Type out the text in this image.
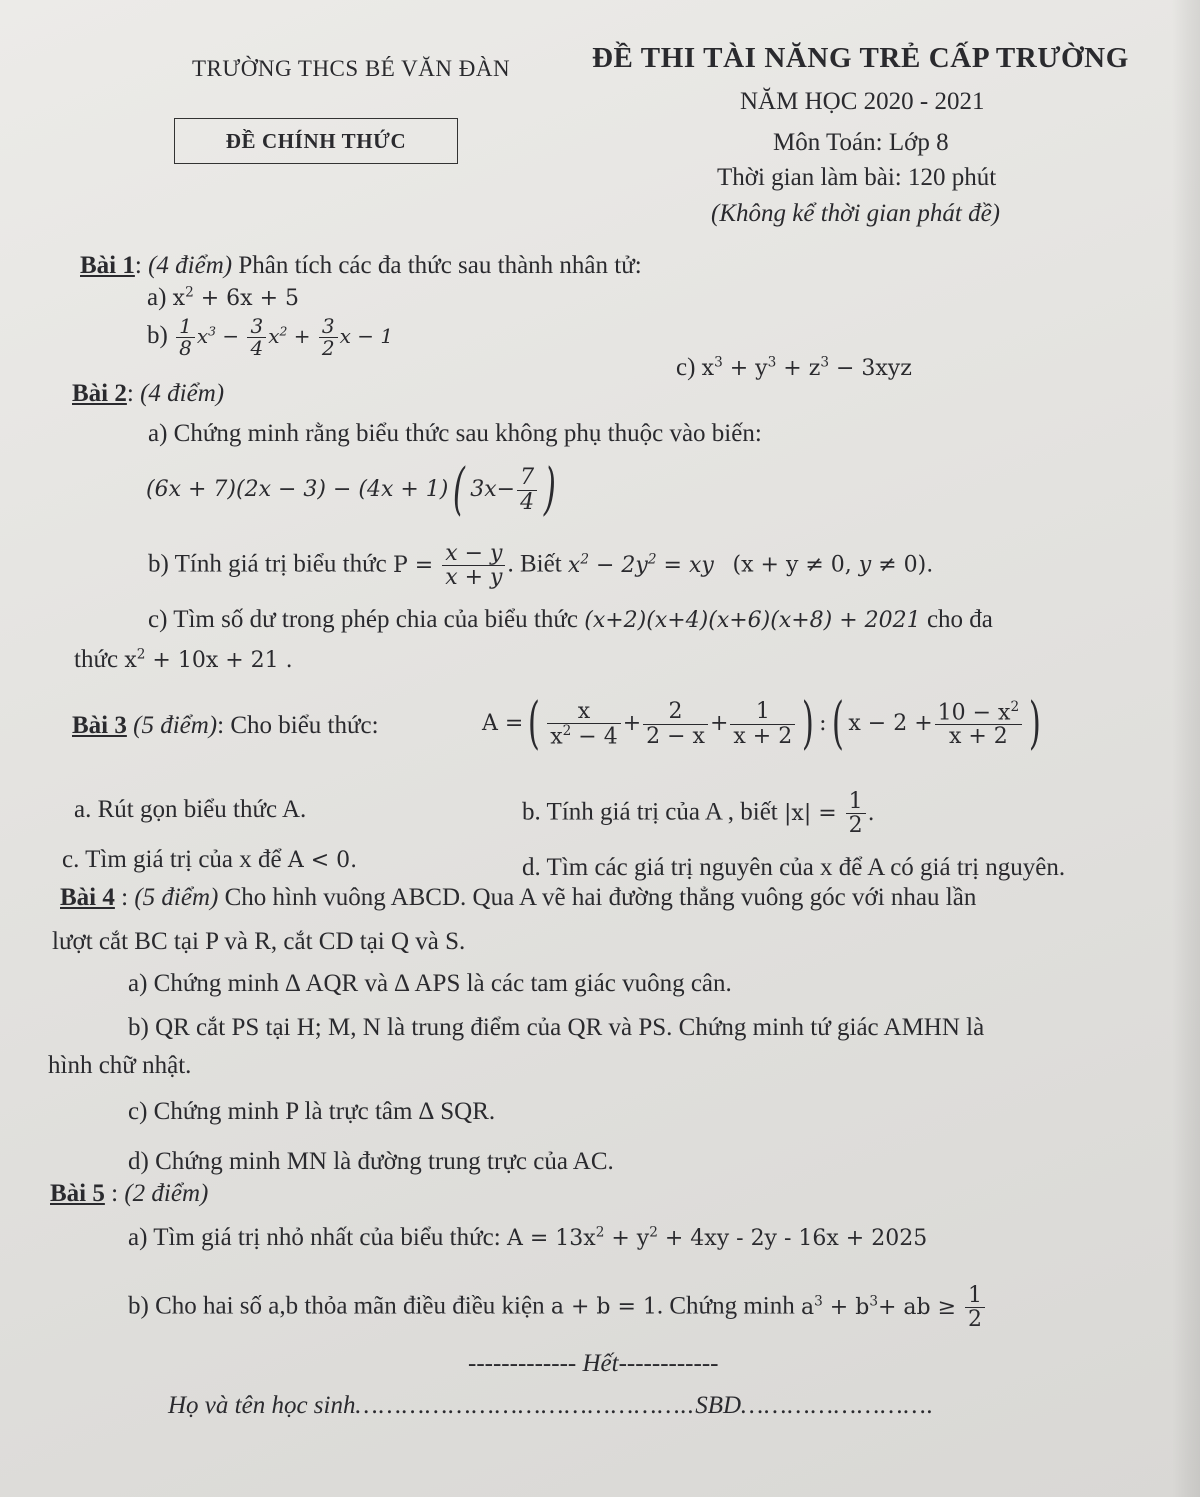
TRƯỜNG THCS BÉ VĂN ĐÀN	ĐỀ THI TÀI NĂNG TRẺ CẤP TRƯỜNG
NĂM HỌC 2020 - 2021
ĐỀ CHÍNH THỨC	Môn Toán: Lớp 8
Thời gian làm bài: 120 phút
(Không kể thời gian phát đề)
Bài 1: (4 điểm) Phân tích các đa thức sau thành nhân tử:
a) $x^2 + 6x + 5$
$b) \frac{1}{8} x^3 - \frac{3}{4} x^2 + \frac{3}{2}$ x − 1
c) $x^3 + y^3 + z^3 - 3xyz$
Bài 2: (4 điểm)
a) Chứng minh rằng biểu thức sau không phụ thuộc vào biến:
(6x + 7)(2x − 3) − (4x + 1)( $3x- \frac{7}{4}$ )
b) Tính giá trị biểu thức $P = \frac{x - y}{x + y}$ . Biết $x^2 - 2y^2$ = xy (x + y ≠ 0, y ≠ 0).
c) Tìm số dư trong phép chia của biểu thức (x+2)(x+4)(x+6)(x+8) + 2021 cho đa
thức $x^2 + 10x + 21$ .
Bài 3 (5 điểm): Cho biểu thức:	A =( $\frac{x}{x^2 - 4} + \frac{2}{2 - x} + \frac{1}{x + 2}$ ) :( $x - 2 + \frac{10 - x^2}{x + 2}$ )
a. Rút gọn biểu thức A.	b. Tính giá trị của A , biết $|x| = \frac{1}{2}$ .
c. Tìm giá trị của x để A < 0.	d. Tìm các giá trị nguyên của x để A có giá trị nguyên.
Bài 4 : (5 điểm) Cho hình vuông ABCD. Qua A vẽ hai đường thẳng vuông góc với nhau lần
lượt cắt BC tại P và R, cắt CD tại Q và S.
a) Chứng minh ∆ AQR và ∆ APS là các tam giác vuông cân.
b) QR cắt PS tại H; M, N là trung điểm của QR và PS. Chứng minh tứ giác AMHN là
hình chữ nhật.
c) Chứng minh P là trực tâm ∆ SQR.
d) Chứng minh MN là đường trung trực của AC.
Bài 5 : (2 điểm)
a) Tìm giá trị nhỏ nhất của biểu thức: $A = 13x^2 + y^2 + 4xy - 2y - 16x + 2025$
b) Cho hai số a,b thỏa mãn điều điều kiện a + b = 1. Chứng minh $a^3 + b^3+$ ab ≥ $\frac{1}{2}$
------------- Hết------------
Họ và tên học sinh……………………………………..SBD…………………….
